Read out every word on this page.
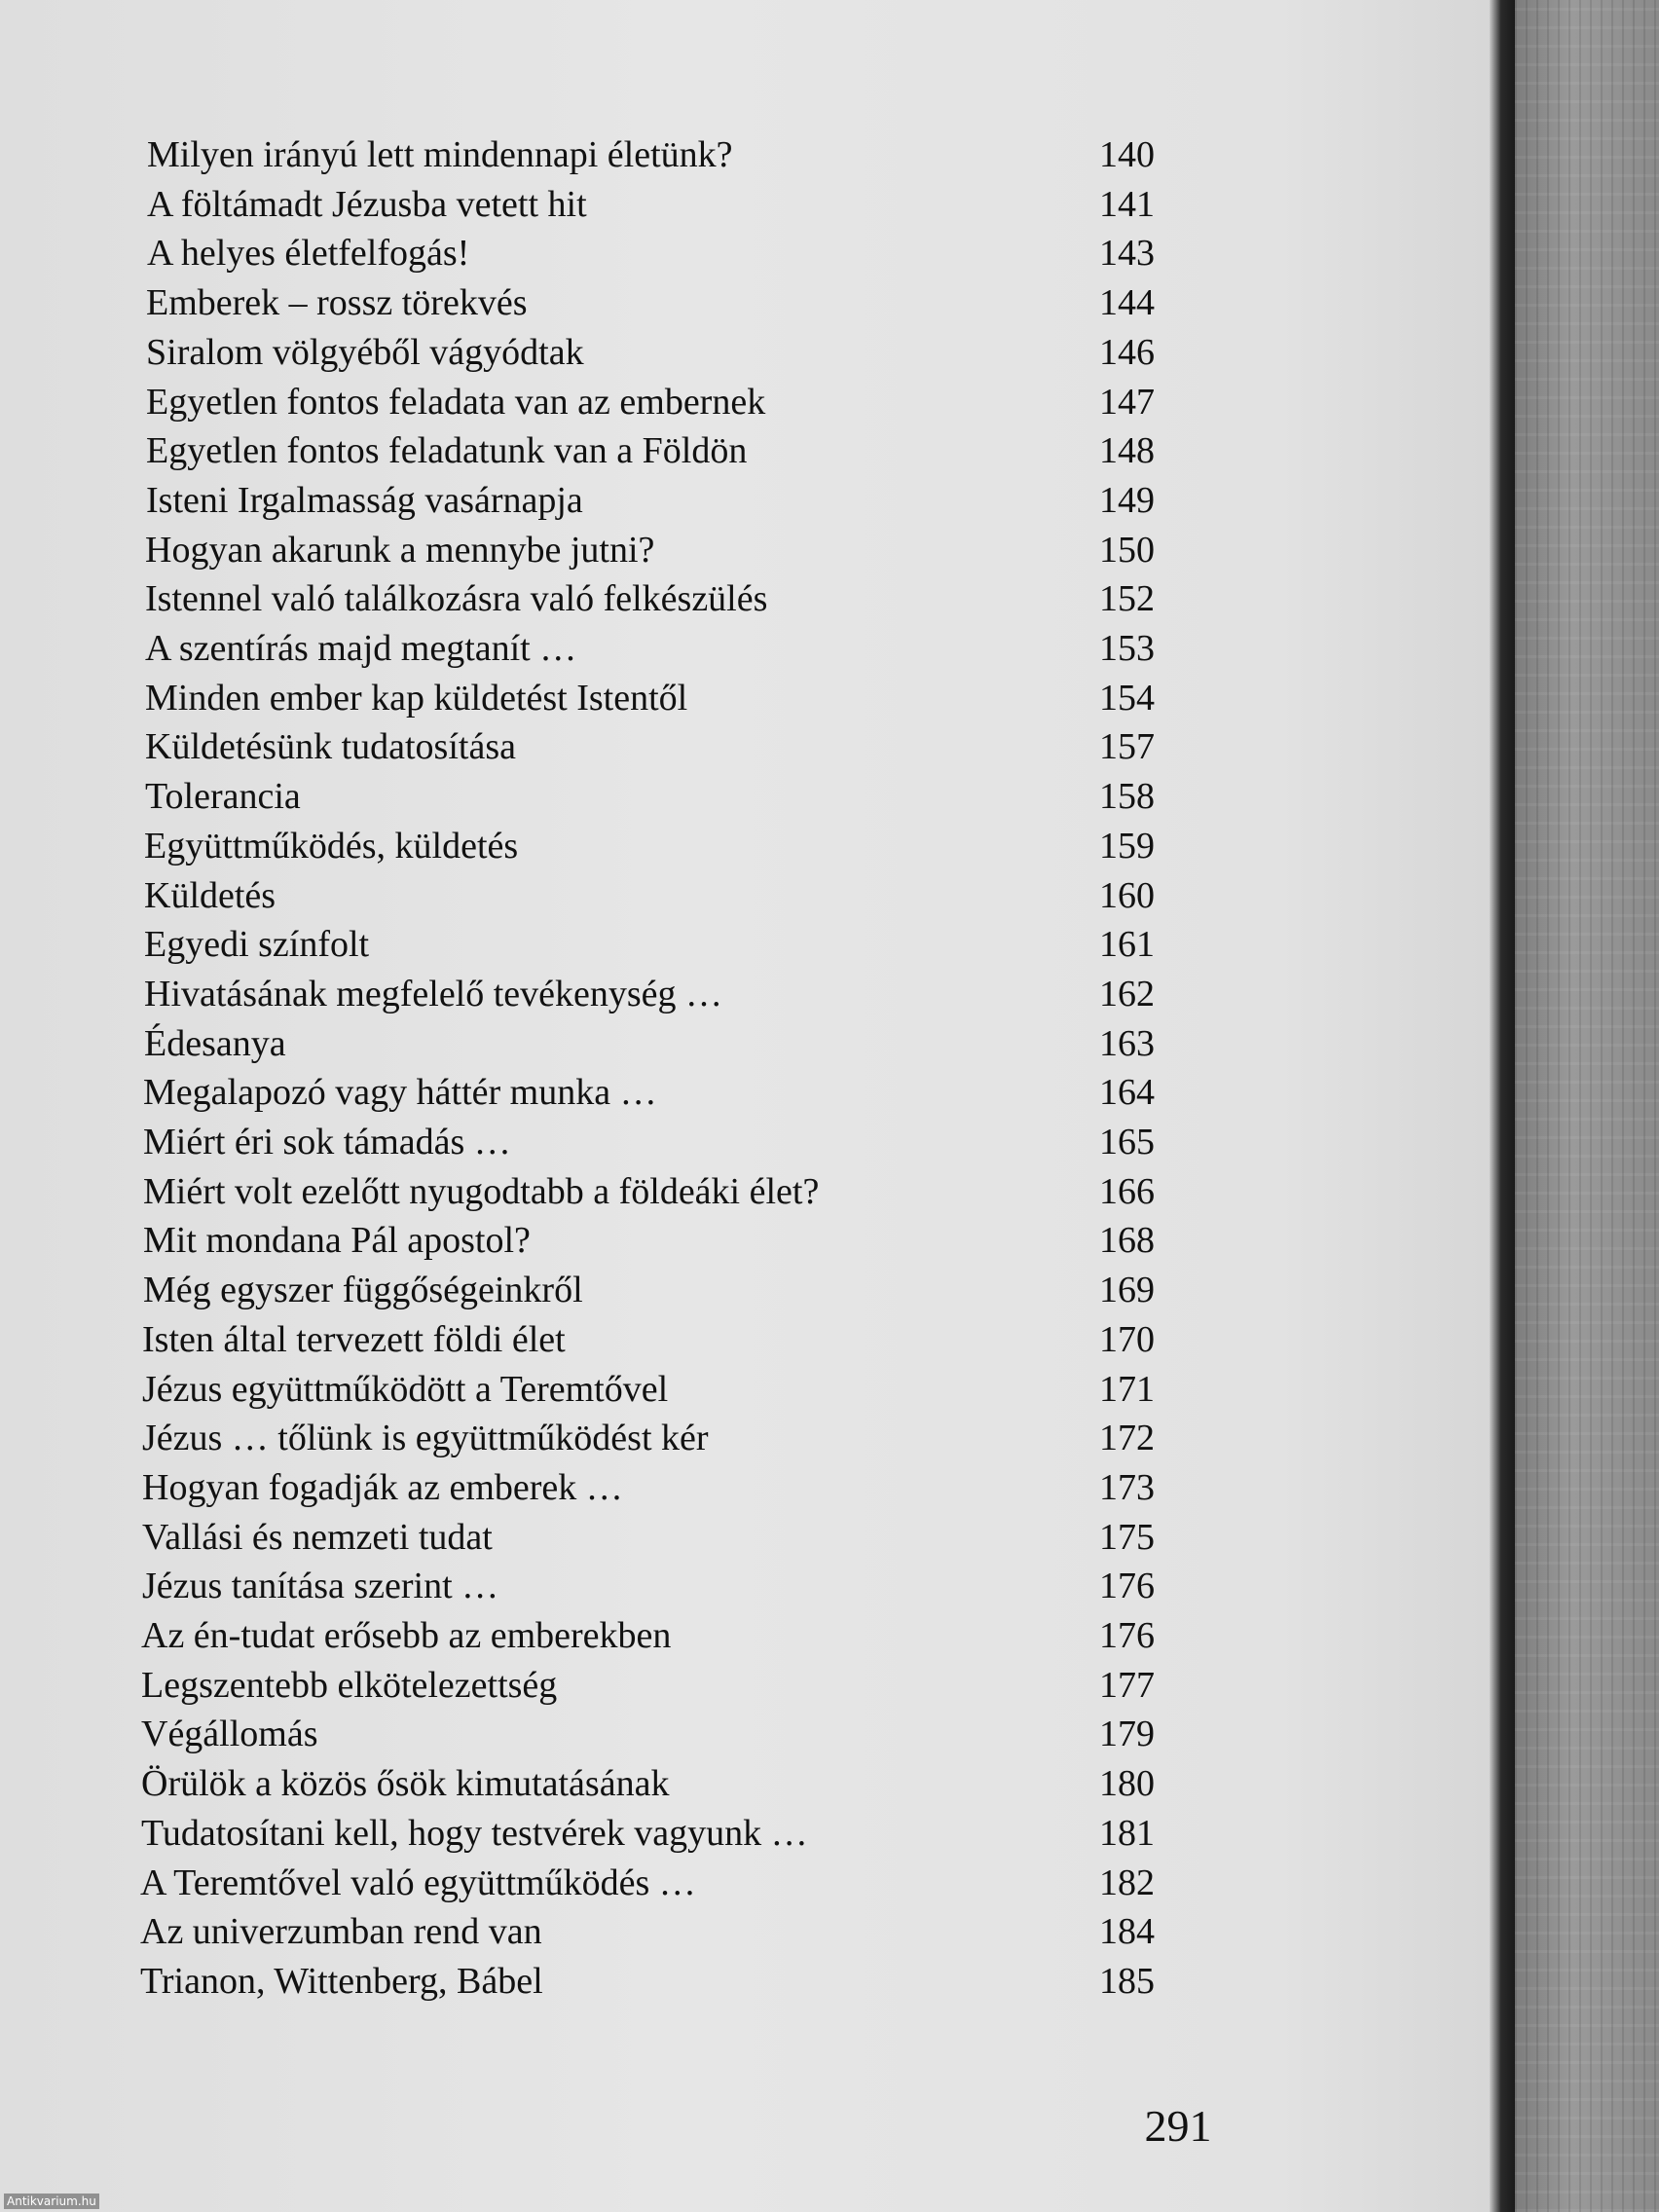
Milyen irányú lett mindennapi életünk?	140
A föltámadt Jézusba vetett hit	141
A helyes életfelfogás!	143
Emberek – rossz törekvés	144
Siralom völgyéből vágyódtak	146
Egyetlen fontos feladata van az embernek	147
Egyetlen fontos feladatunk van a Földön	148
Isteni Irgalmasság vasárnapja	149
Hogyan akarunk a mennybe jutni?	150
Istennel való találkozásra való felkészülés	152
A szentírás majd megtanít …	153
Minden ember kap küldetést Istentől	154
Küldetésünk tudatosítása	157
Tolerancia	158
Együttműködés, küldetés	159
Küldetés	160
Egyedi színfolt	161
Hivatásának megfelelő tevékenység …	162
Édesanya	163
Megalapozó vagy háttér munka …	164
Miért éri sok támadás …	165
Miért volt ezelőtt nyugodtabb a földeáki élet?	166
Mit mondana Pál apostol?	168
Még egyszer függőségeinkről	169
Isten által tervezett földi élet	170
Jézus együttműködött a Teremtővel	171
Jézus … tőlünk is együttműködést kér	172
Hogyan fogadják az emberek …	173
Vallási és nemzeti tudat	175
Jézus tanítása szerint …	176
Az én-tudat erősebb az emberekben	176
Legszentebb elkötelezettség	177
Végállomás	179
Örülök a közös ősök kimutatásának	180
Tudatosítani kell, hogy testvérek vagyunk …	181
A Teremtővel való együttműködés …	182
Az univerzumban rend van	184
Trianon, Wittenberg, Bábel	185
291
Antikvarium.hu
